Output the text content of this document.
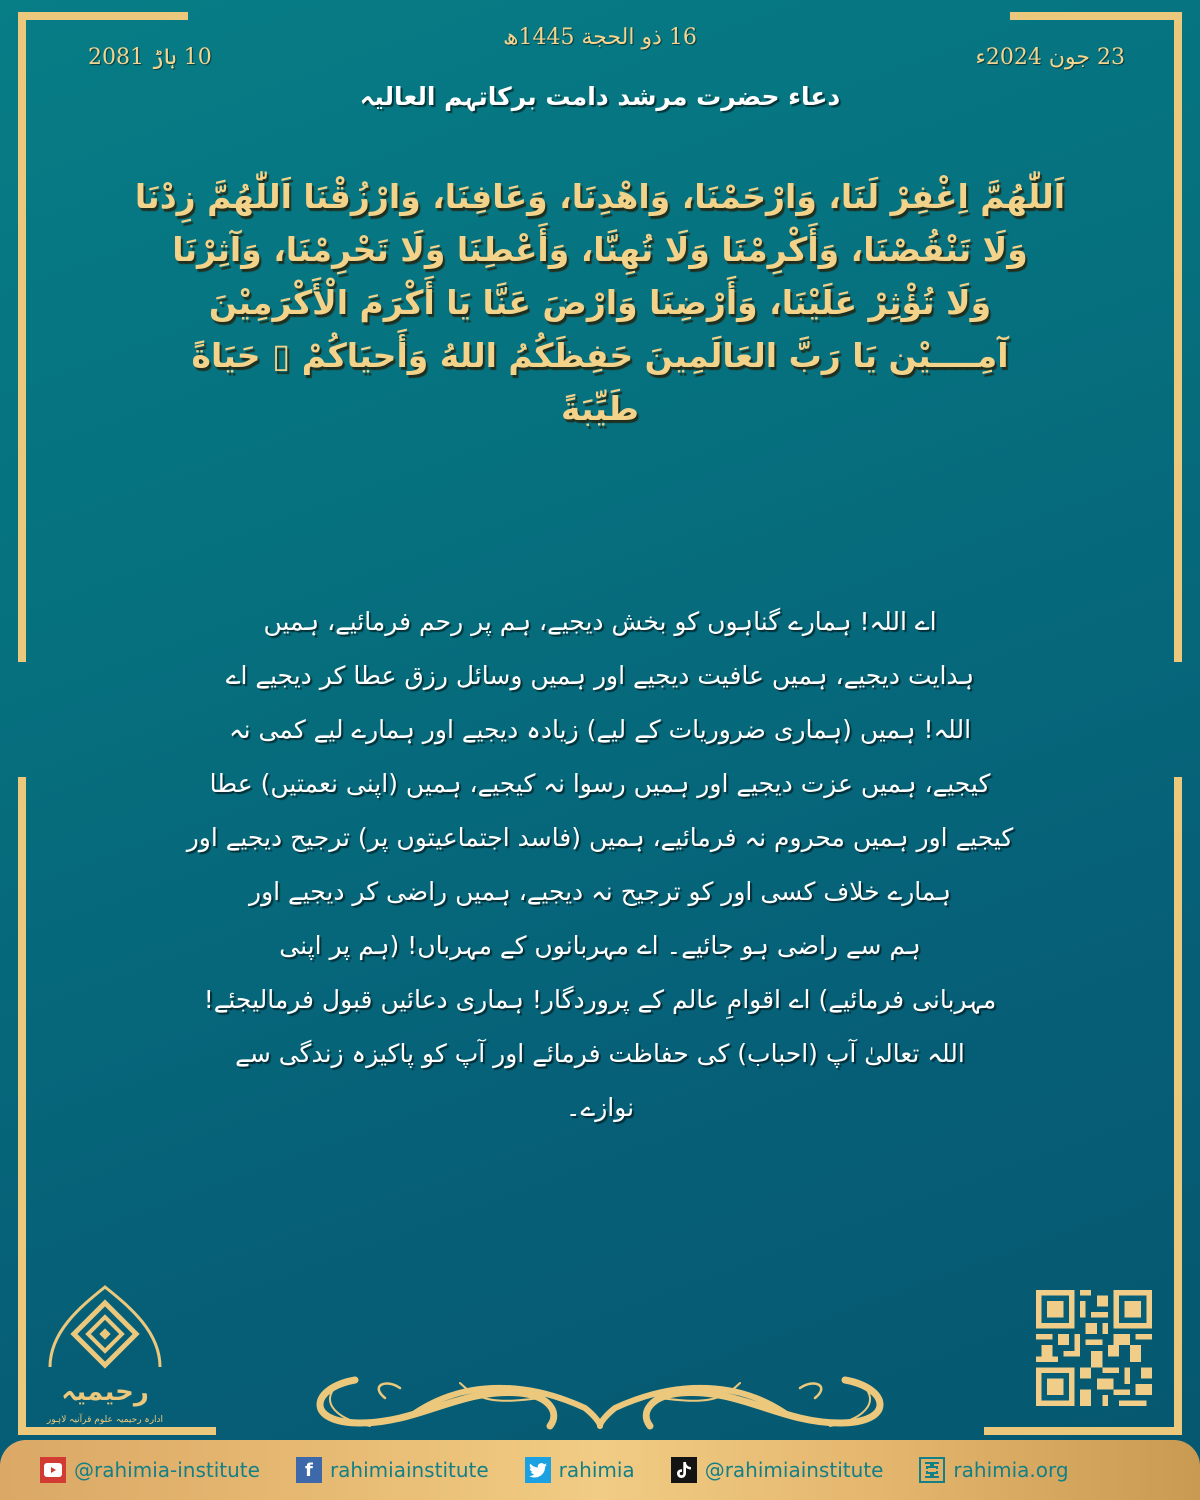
23 جون 2024ء
16 ذو الحجة 1445ھ
10 ہاڑ 2081
دعاء حضرت مرشد دامت برکاتہم العالیہ
اَللّٰهُمَّ اِغْفِرْ لَنَا، وَارْحَمْنَا، وَاهْدِنَا، وَعَافِنَا، وَارْزُقْنَا اَللّٰهُمَّ زِدْنَا
وَلَا تَنْقُصْنَا، وَأَكْرِمْنَا وَلَا تُهِنَّا، وَأَعْطِنَا وَلَا تَحْرِمْنَا، وَآثِرْنَا
وَلَا تُؤْثِرْ عَلَيْنَا، وَأَرْضِنَا وَارْضَ عَنَّا يَا أَكْرَمَ الْأَكْرَمِيْنَ
آمِــــيْن يَا رَبَّ العَالَمِينَ حَفِظَكُمُ اللهُ وَأَحيَاكُمْ ▯ حَيَاةً
طَيِّبَةً
اے اللہ! ہمارے گناہوں کو بخش دیجیے، ہم پر رحم فرمائیے، ہمیں
ہدایت دیجیے، ہمیں عافیت دیجیے اور ہمیں وسائل رزق عطا کر دیجیے اے
اللہ! ہمیں (ہماری ضروریات کے لیے) زیادہ دیجیے اور ہمارے لیے کمی نہ
کیجیے، ہمیں عزت دیجیے اور ہمیں رسوا نہ کیجیے، ہمیں (اپنی نعمتیں) عطا
کیجیے اور ہمیں محروم نہ فرمائیے، ہمیں (فاسد اجتماعیتوں پر) ترجیح دیجیے اور
ہمارے خلاف کسی اور کو ترجیح نہ دیجیے، ہمیں راضی کر دیجیے اور
ہم سے راضی ہو جائیے۔ اے مہربانوں کے مہرباں! (ہم پر اپنی
مہربانی فرمائیے) اے اقوامِ عالم کے پروردگار! ہماری دعائیں قبول فرمالیجئے!
اللہ تعالیٰ آپ (احباب) کی حفاظت فرمائے اور آپ کو پاکیزہ زندگی سے
نوازے۔
رحیمیہ
ادارہ رحیمیہ علوم قرآنیہ لاہور
@rahimia-institute	f rahimiainstitute	rahimia	@rahimiainstitute	rahimia.org
